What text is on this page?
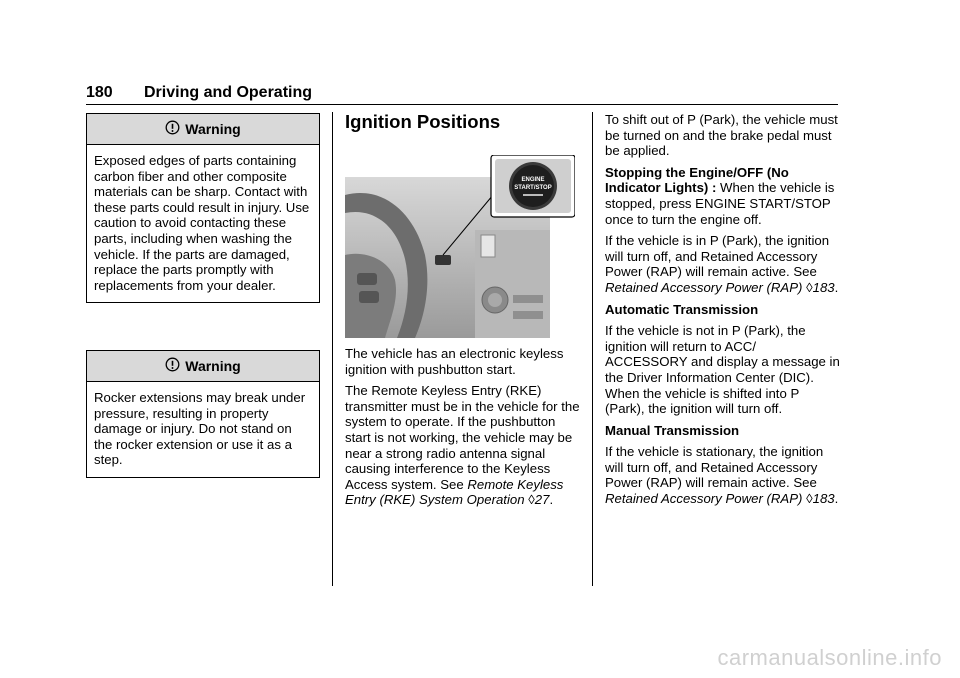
180 Driving and Operating
Warning
Exposed edges of parts containing carbon fiber and other composite materials can be sharp. Contact with these parts could result in injury. Use caution to avoid contacting these parts, including when washing the vehicle. If the parts are damaged, replace the parts promptly with replacements from your dealer.
Warning
Rocker extensions may break under pressure, resulting in property damage or injury. Do not stand on the rocker extension or use it as a step.
Ignition Positions
ENGINE
START/STOP

The vehicle has an electronic keyless ignition with pushbutton start.

The Remote Keyless Entry (RKE) transmitter must be in the vehicle for the system to operate. If the pushbutton start is not working, the vehicle may be near a strong radio antenna signal causing interference to the Keyless Access system. See Remote Keyless Entry (RKE) System Operation ◊27.

To shift out of P (Park), the vehicle must be turned on and the brake pedal must be applied.

Stopping the Engine/OFF (No Indicator Lights) : When the vehicle is stopped, press ENGINE START/STOP once to turn the engine off.

If the vehicle is in P (Park), the ignition will turn off, and Retained Accessory Power (RAP) will remain active. See Retained Accessory Power (RAP) ◊183.

Automatic Transmission

If the vehicle is not in P (Park), the ignition will return to ACC/ ACCESSORY and display a message in the Driver Information Center (DIC). When the vehicle is shifted into P (Park), the ignition will turn off.

Manual Transmission

If the vehicle is stationary, the ignition will turn off, and Retained Accessory Power (RAP) will remain active. See Retained Accessory Power (RAP) ◊183.

carmanualsonline.info
